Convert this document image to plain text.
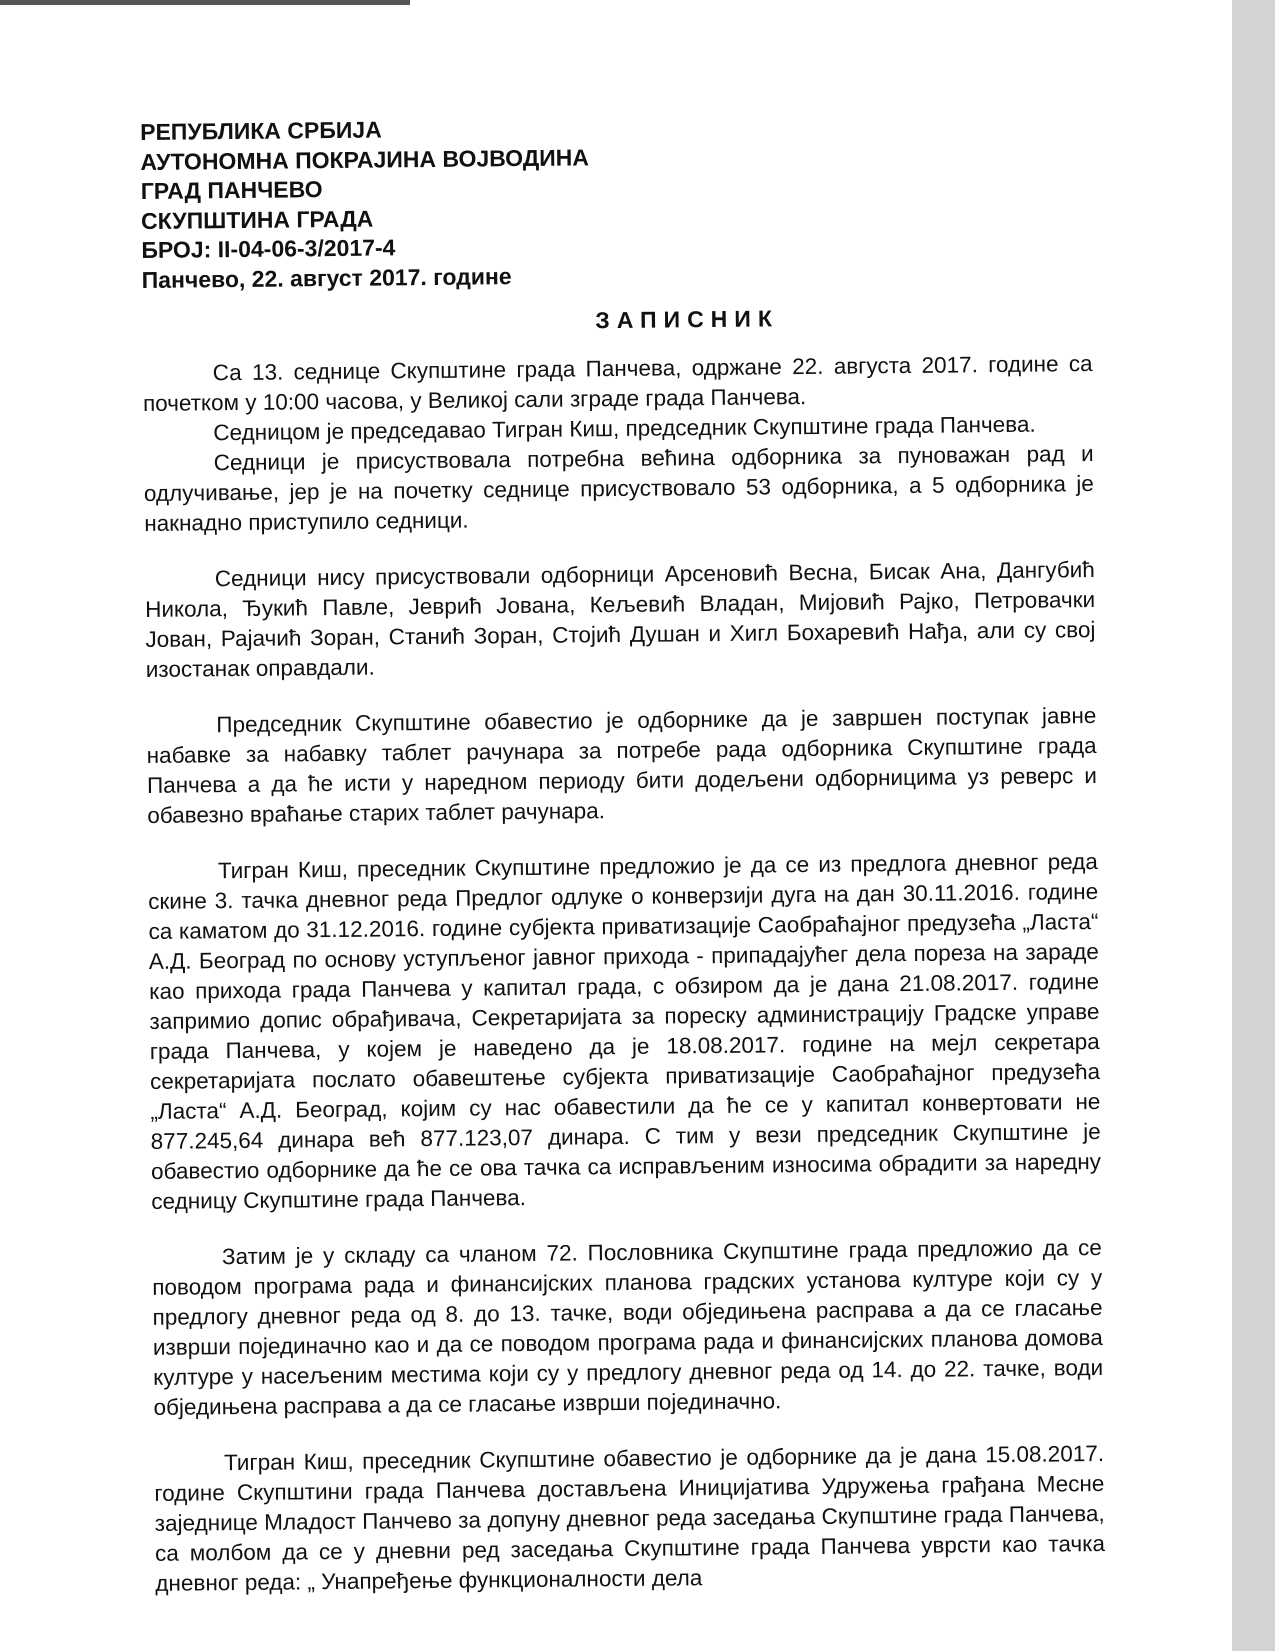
РЕПУБЛИКА СРБИЈА

АУТОНОМНА ПОКРАЈИНА ВОЈВОДИНА

ГРАД ПАНЧЕВО

СКУПШТИНА ГРАДА

БРОЈ: II-04-06-3/2017-4

Панчево, 22. август 2017. године

ЗАПИСНИК

Са 13. седнице Скупштине града Панчева, одржане 22. августа 2017. године са почетком у 10:00 часова, у Великој сали зграде града Панчева.

Седницом је председавао Тигран Киш, председник Скупштине града Панчева.

Седници је присуствовала потребна већина одборника за пуноважан рад и одлучивање, јер је на почетку седнице присуствовало 53 одборника, а 5 одборника је накнадно приступило седници.

Седници нису присуствовали одборници Арсеновић Весна, Бисак Ана, Дангубић Никола, Ђукић Павле, Јеврић Јована, Кељевић Владан, Мијовић Рајко, Петровачки Јован, Рајачић Зоран, Станић Зоран, Стојић Душан и Хигл Бохаревић Нађа, али су свој изостанак оправдали.

Председник Скупштине обавестио је одборнике да је завршен поступак јавне набавке за набавку таблет рачунара за потребе рада одборника Скупштине града Панчева а да ће исти у наредном периоду бити додељени одборницима уз реверс и обавезно враћање старих таблет рачунара.

Тигран Киш, преседник Скупштине предложио је да се из предлога дневног реда скине 3. тачка дневног реда Предлог одлуке о конверзији дуга на дан 30.11.2016. године са каматом до 31.12.2016. године субјекта приватизације Саобраћајног предузећа „Ласта“ А.Д. Београд по основу уступљеног јавног прихода - припадајућег дела пореза на зараде као прихода града Панчева у капитал града, с обзиром да је дана 21.08.2017. године запримио допис обрађивача, Секретаријата за пореску администрацију Градске управе града Панчева, у којем је наведено да је 18.08.2017. године на мејл секретара секретаријата послато обавештење субјекта приватизације Саобраћајног предузећа „Ласта“ А.Д. Београд, којим су нас обавестили да ће се у капитал конвертовати не 877.245,64 динара већ 877.123,07 динара. С тим у вези председник Скупштине је обавестио одборнике да ће се ова тачка са исправљеним износима обрадити за наредну седницу Скупштине града Панчева.

Затим је у складу са чланом 72. Пословника Скупштине града предложио да се поводом програма рада и финансијских планова градских установа културе који су у предлогу дневног реда од 8. до 13. тачке, води обједињена расправа а да се гласање изврши појединачно као и да се поводом програма рада и финансијских планова домова културе у насељеним местима који су у предлогу дневног реда од 14. до 22. тачке, води обједињена расправа а да се гласање изврши појединачно.

Тигран Киш, преседник Скупштине обавестио је одборнике да је дана 15.08.2017. године Скупштини града Панчева достављена Иницијатива Удружења грађана Месне заједнице Младост Панчево за допуну дневног реда заседања Скупштине града Панчева, са молбом да се у дневни ред заседања Скупштине града Панчева уврсти као тачка дневног реда: „ Унапређење функционалности дела
